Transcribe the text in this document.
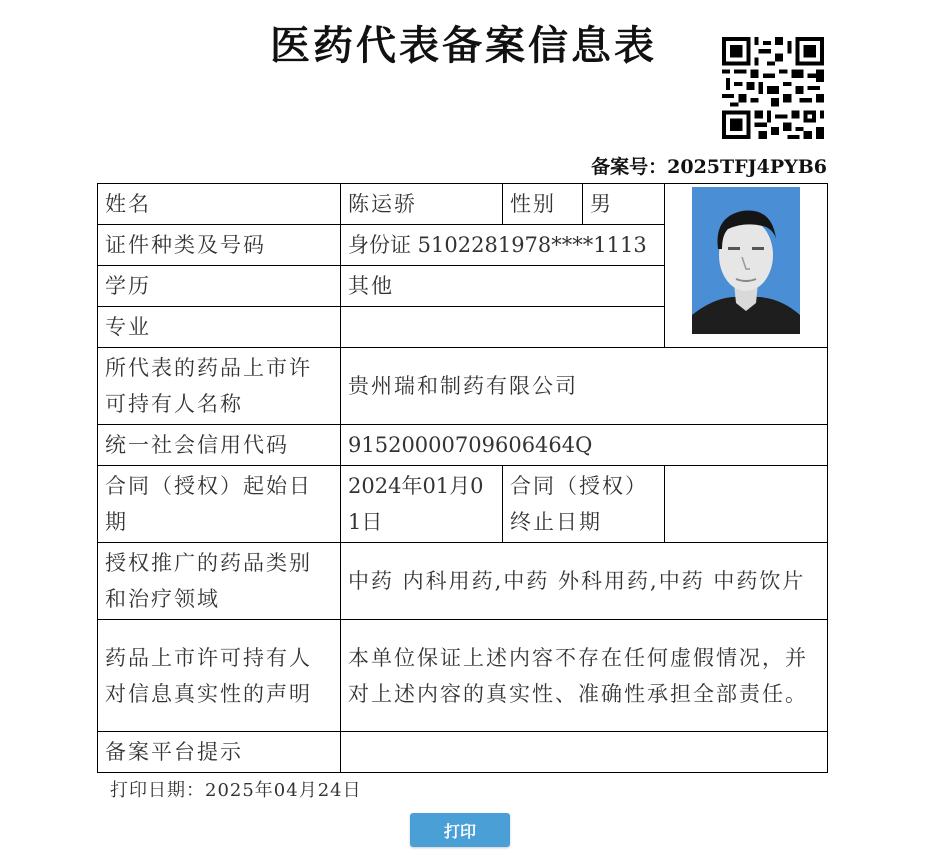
医药代表备案信息表
备案号：2025TFJ4PYB6
姓名	陈运骄	性别	男	
证件种类及号码	身份证 5102281978****1113			
学历	其他			
专业				
所代表的药品上市许可持有人名称	贵州瑞和制药有限公司			
统一社会信用代码	91520000709606464Q			
合同（授权）起始日期	2024年01月01日	合同（授权）终止日期		
授权推广的药品类别和治疗领域	中药 内科用药,中药 外科用药,中药 中药饮片			
药品上市许可持有人对信息真实性的声明	本单位保证上述内容不存在任何虚假情况，并对上述内容的真实性、准确性承担全部责任。			
备案平台提示				
打印日期：2025年04月24日
打印
